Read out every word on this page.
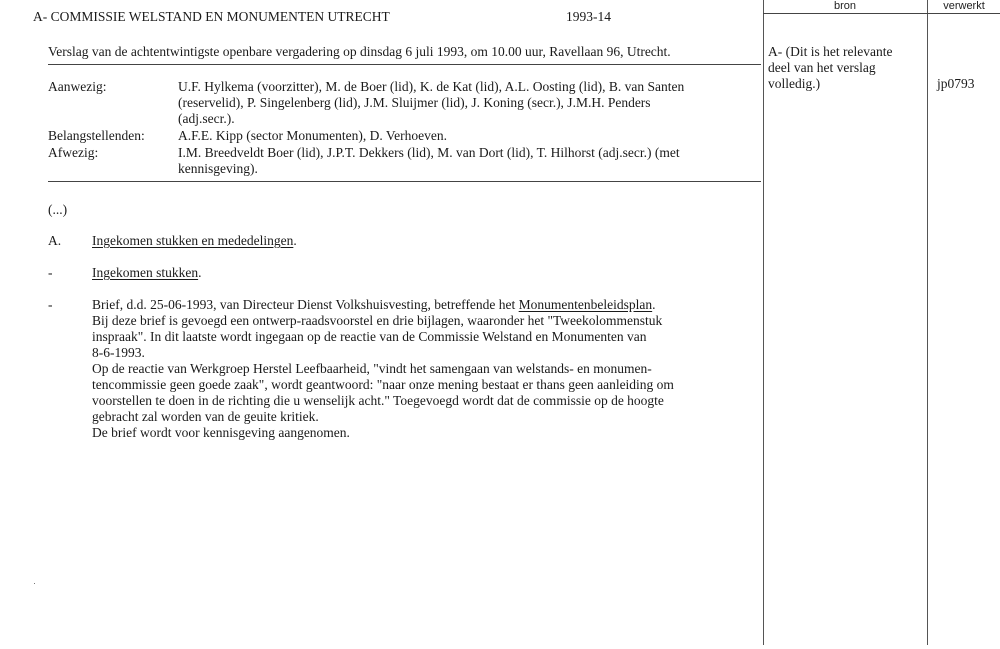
A- COMMISSIE WELSTAND EN MONUMENTEN UTRECHT	1993-14
bron	verwerkt
Verslag van de achtentwintigste openbare vergadering op dinsdag 6 juli 1993, om 10.00 uur, Ravellaan 96, Utrecht.
Aanwezig:	U.F. Hylkema (voorzitter), M. de Boer (lid), K. de Kat (lid), A.L. Oosting (lid), B. van Santen
(reservelid), P. Singelenberg (lid), J.M. Sluijmer (lid), J. Koning (secr.), J.M.H. Penders
(adj.secr.).
Belangstellenden: A.F.E. Kipp (sector Monumenten), D. Verhoeven.
Afwezig:	I.M. Breedveldt Boer (lid), J.P.T. Dekkers (lid), M. van Dort (lid), T. Hilhorst (adj.secr.) (met
kennisgeving).
A- (Dit is het relevante
deel van het verslag
volledig.)	jp0793
(...)
A. Ingekomen stukken en mededelingen.
-	Ingekomen stukken.
-	Brief, d.d. 25-06-1993, van Directeur Dienst Volkshuisvesting, betreffende het Monumentenbeleidsplan.
Bij deze brief is gevoegd een ontwerp-raadsvoorstel en drie bijlagen, waaronder het "Tweekolommenstuk
inspraak". In dit laatste wordt ingegaan op de reactie van de Commissie Welstand en Monumenten van
8-6-1993.
Op de reactie van Werkgroep Herstel Leefbaarheid, "vindt het samengaan van welstands- en monumen-
tencommissie geen goede zaak", wordt geantwoord: "naar onze mening bestaat er thans geen aanleiding om
voorstellen te doen in de richting die u wenselijk acht." Toegevoegd wordt dat de commissie op de hoogte
gebracht zal worden van de geuite kritiek.
De brief wordt voor kennisgeving aangenomen.
